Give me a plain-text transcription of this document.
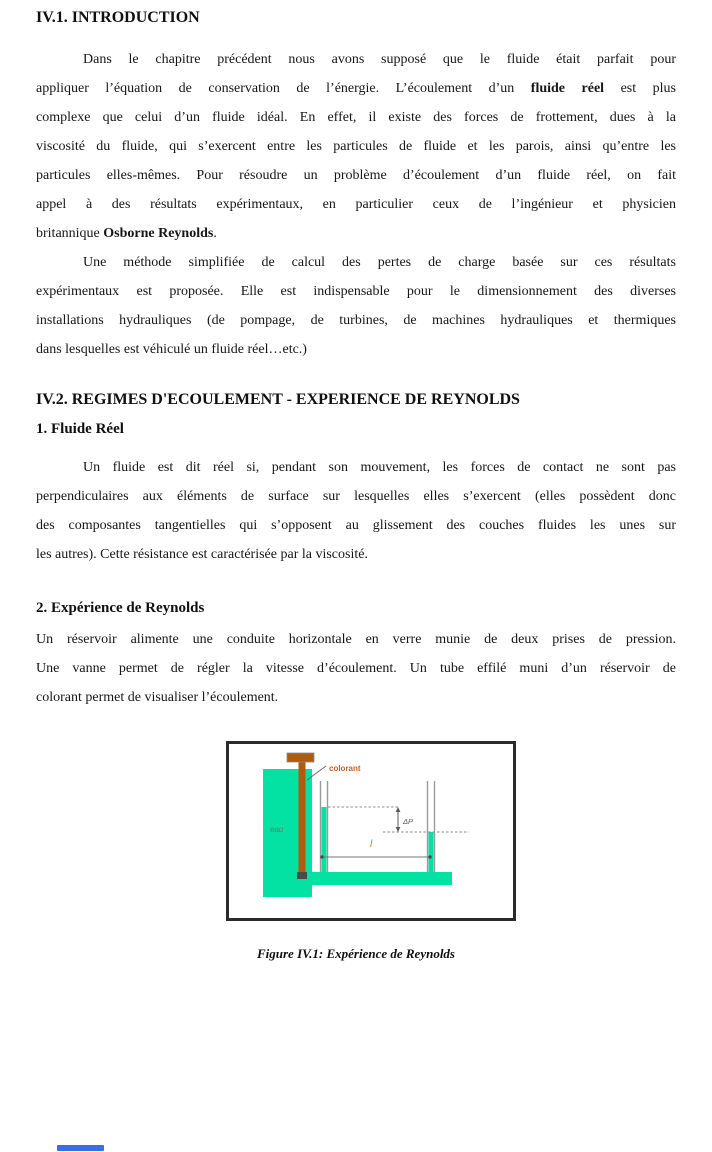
IV.1. INTRODUCTION
Dans le chapitre précédent nous avons supposé que le fluide était parfait pour
appliquer l’équation de conservation de l’énergie. L’écoulement d’un fluide réel est plus
complexe que celui d’un fluide idéal. En effet, il existe des forces de frottement, dues à la
viscosité du fluide, qui s’exercent entre les particules de fluide et les parois, ainsi qu’entre les
particules elles-mêmes. Pour résoudre un problème d’écoulement d’un fluide réel, on fait
appel à des résultats expérimentaux, en particulier ceux de l’ingénieur et physicien
britannique Osborne Reynolds.
Une méthode simplifiée de calcul des pertes de charge basée sur ces résultats
expérimentaux est proposée. Elle est indispensable pour le dimensionnement des diverses
installations hydrauliques (de pompage, de turbines, de machines hydrauliques et thermiques
dans lesquelles est véhiculé un fluide réel…etc.)
IV.2. REGIMES D'ECOULEMENT - EXPERIENCE DE REYNOLDS
1. Fluide Réel
Un fluide est dit réel si, pendant son mouvement, les forces de contact ne sont pas
perpendiculaires aux éléments de surface sur lesquelles elles s’exercent (elles possèdent donc
des composantes tangentielles qui s’opposent au glissement des couches fluides les unes sur
les autres). Cette résistance est caractérisée par la viscosité.
2. Expérience de Reynolds
Un réservoir alimente une conduite horizontale en verre munie de deux prises de pression.
Une vanne permet de régler la vitesse d’écoulement. Un tube effilé muni d’un réservoir de
colorant permet de visualiser l’écoulement.
eau
colorant
ΔP
l
Figure IV.1: Expérience de Reynolds
